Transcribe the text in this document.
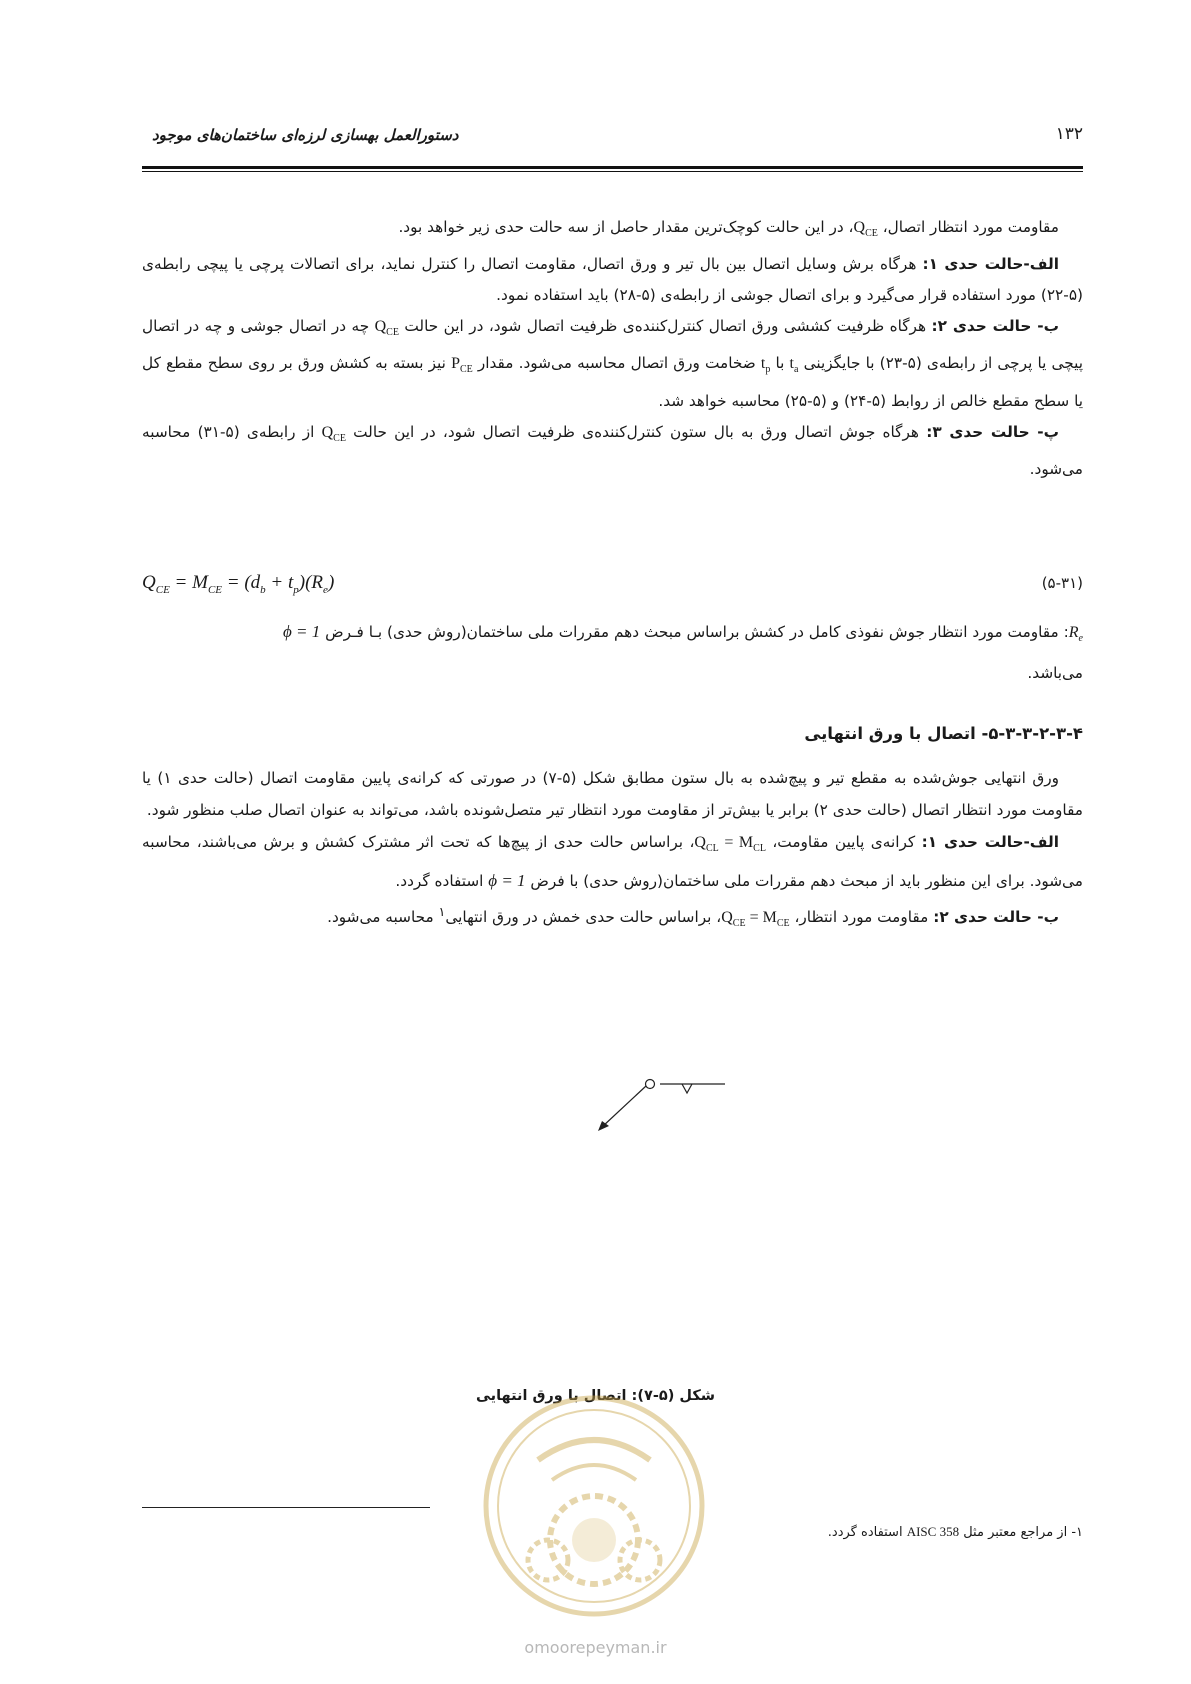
۱۳۲
دستورالعمل بهسازی لرزه‌ای ساختمان‌های موجود

مقاومت مورد انتظار اتصال، $Q_{CE}،$ در این حالت کوچک‌ترین مقدار حاصل از سه حالت حدی زیر خواهد بود.

الف-حالت حدی ۱: هرگاه برش وسایل اتصال بین بال تیر و ورق اتصال، مقاومت اتصال را کنترل نماید، برای اتصالات پرچی یا پیچی رابطه‌ی (۵-۲۲) مورد استفاده قرار می‌گیرد و برای اتصال جوشی از رابطه‌ی (۵-۲۸) باید استفاده نمود.

ب- حالت حدی ۲: هرگاه ظرفیت کششی ورق اتصال کنترل‌کننده‌ی ظرفیت اتصال شود، در این حالت $Q_{CE}$ چه در اتصال جوشی و چه در اتصال پیچی یا پرچی از رابطه‌ی (۵-۲۳) با جایگزینی $t_a$ با $t_p$ ضخامت ورق اتصال محاسبه می‌شود. مقدار $P_{CE}$ نیز بسته به کشش ورق بر روی سطح مقطع کل یا سطح مقطع خالص از روابط (۵-۲۴) و (۵-۲۵) محاسبه خواهد شد.

پ- حالت حدی ۳: هرگاه جوش اتصال ورق به بال ستون کنترل‌کننده‌ی ظرفیت اتصال شود، در این حالت $Q_{CE}$ از رابطه‌ی (۵-۳۱) محاسبه می‌شود.

$Q_{CE} = M_{CE} = (d_b + t_p)(R_e)$	(۵-۳۱)

$R_e$: مقاومت مورد انتظار جوش نفوذی کامل در کشش براساس مبحث دهم مقررات ملی ساختمان(روش حدی) بـا فـرض ϕ = 1

می‌باشد.

۵-۳-۳-۲-۳-۴- اتصال با ورق انتهایی

ورق انتهایی جوش‌شده به مقطع تیر و پیچ‌شده به بال ستون مطابق شکل (۵-۷) در صورتی که کرانه‌ی پایین مقاومت اتصال (حالت حدی ۱) یا مقاومت مورد انتظار اتصال (حالت حدی ۲) برابر یا بیش‌تر از مقاومت مورد انتظار تیر متصل‌شونده باشد، می‌تواند به عنوان اتصال صلب منظور شود.

الف-حالت حدی ۱: کرانه‌ی پایین مقاومت، $Q_{CL}$ = $M_{CL}،$ براساس حالت حدی از پیچ‌ها که تحت اثر مشترک کشش و برش می‌باشند، محاسبه می‌شود. برای این منظور باید از مبحث دهم مقررات ملی ساختمان(روش حدی) با فرض ϕ = 1 استفاده گردد.

ب- حالت حدی ۲: مقاومت مورد انتظار، $Q_{CE}$ = $M_{CE}،$ براساس حالت حدی خمش در ورق انتهایی$^۱$ محاسبه می‌شود.

شکل (۵-۷): اتصال با ورق انتهایی
omoorepeyman.ir
۱- از مراجع معتبر مثل AISC 358 استفاده گردد.
